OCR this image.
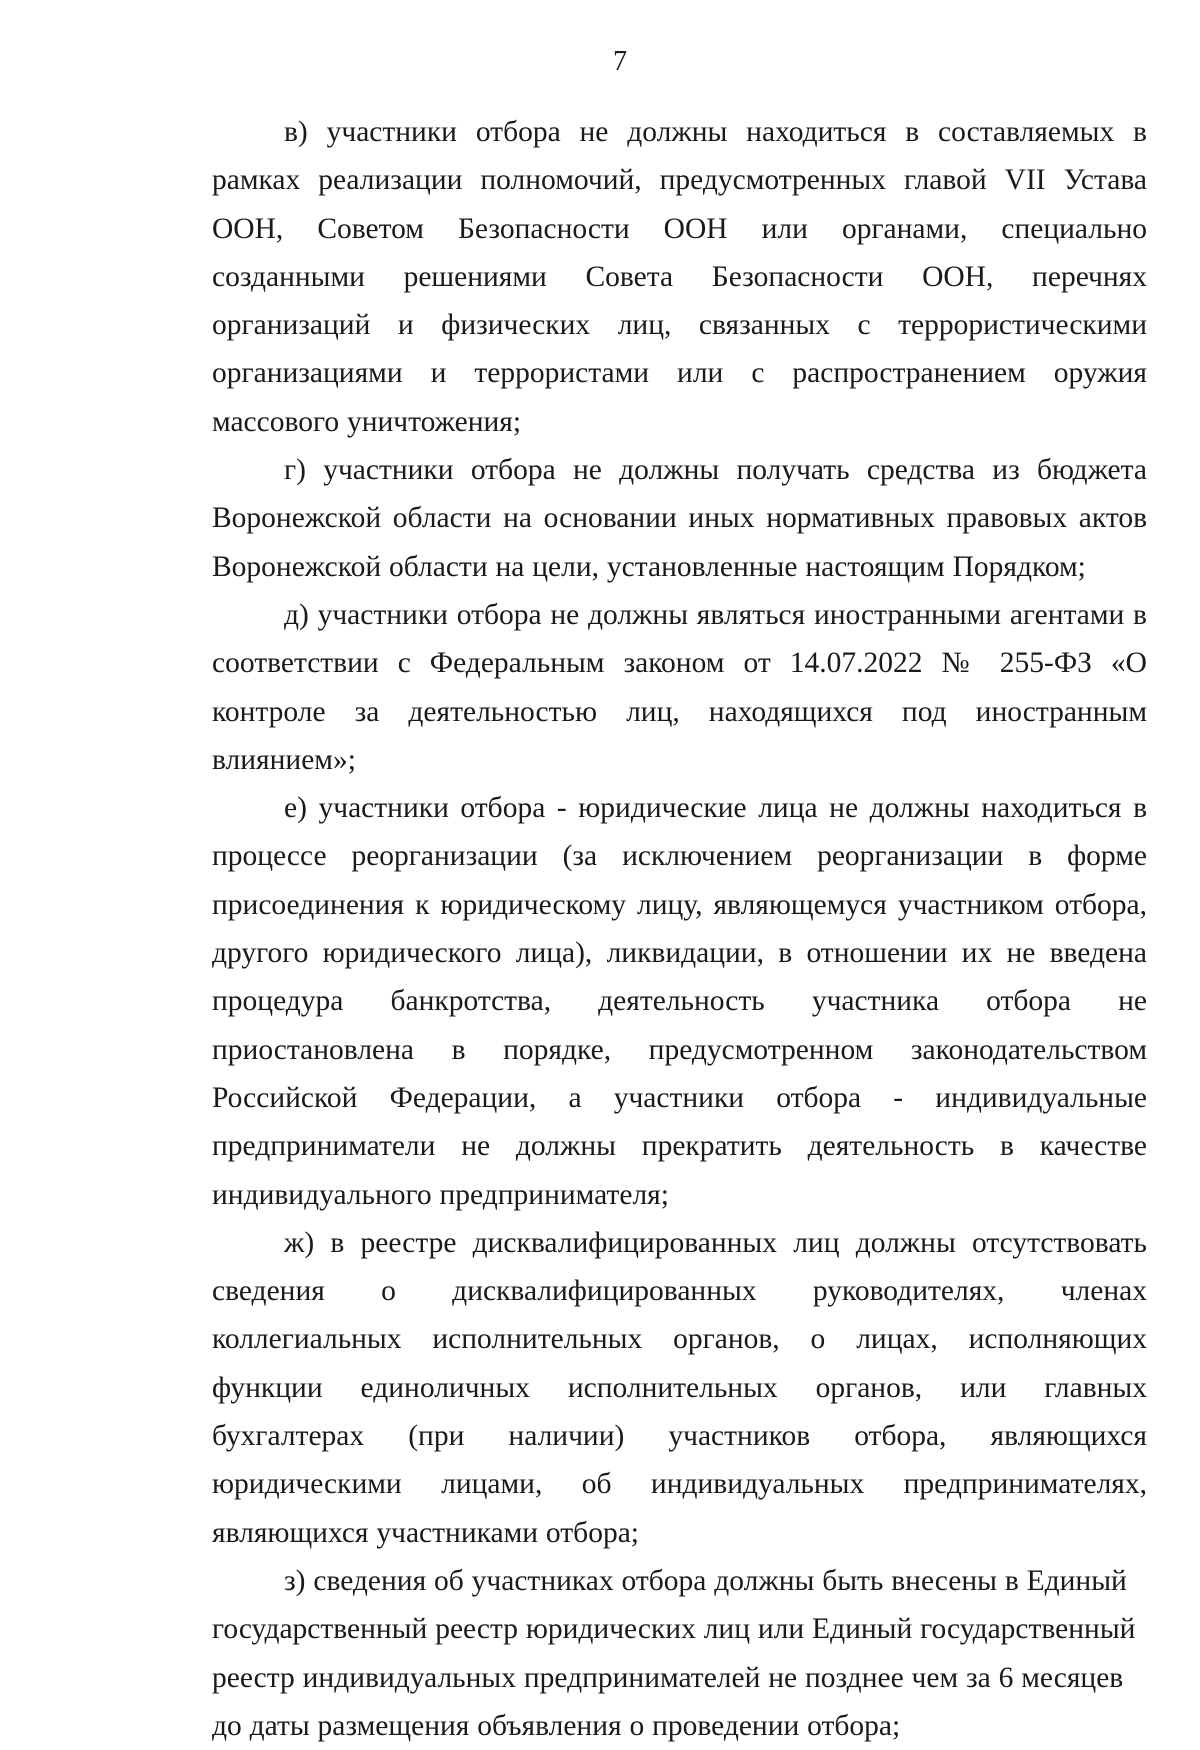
7

в) участники отбора не должны находиться в составляемых в рамках реализации полномочий, предусмотренных главой VII Устава ООН, Советом Безопасности ООН или органами, специально созданными решениями Совета Безопасности ООН, перечнях организаций и физических лиц, связанных с террористическими организациями и террористами или с распространением оружия массового уничтожения;

г) участники отбора не должны получать средства из бюджета Воронежской области на основании иных нормативных правовых актов Воронежской области на цели, установленные настоящим Порядком;

д) участники отбора не должны являться иностранными агентами в соответствии с Федеральным законом от 14.07.2022 № 255-ФЗ «О контроле за деятельностью лиц, находящихся под иностранным влиянием»;

е) участники отбора - юридические лица не должны находиться в процессе реорганизации (за исключением реорганизации в форме присоединения к юридическому лицу, являющемуся участником отбора, другого юридического лица), ликвидации, в отношении их не введена процедура банкротства, деятельность участника отбора не приостановлена в порядке, предусмотренном законодательством Российской Федерации, а участники отбора - индивидуальные предприниматели не должны прекратить деятельность в качестве индивидуального предпринимателя;

ж) в реестре дисквалифицированных лиц должны отсутствовать сведения о дисквалифицированных руководителях, членах коллегиальных исполнительных органов, о лицах, исполняющих функции единоличных исполнительных органов, или главных бухгалтерах (при наличии) участников отбора, являющихся юридическими лицами, об индивидуальных предпринимателях, являющихся участниками отбора;

з) сведения об участниках отбора должны быть внесены в Единый государственный реестр юридических лиц или Единый государственный реестр индивидуальных предпринимателей не позднее чем за 6 месяцев до даты размещения объявления о проведении отбора;
